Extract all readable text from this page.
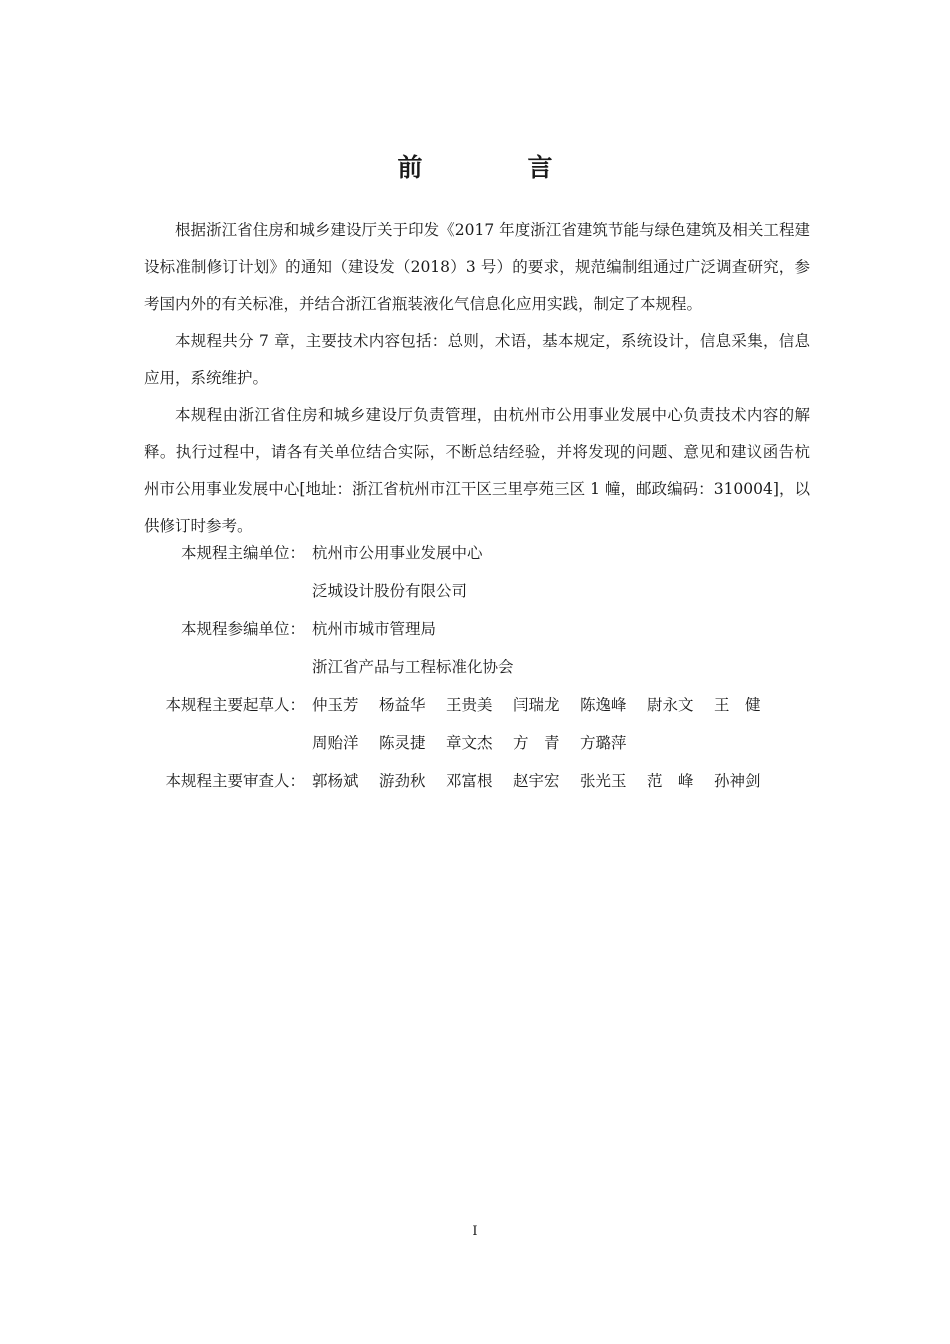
前　言

根据浙江省住房和城乡建设厅关于印发《2017 年度浙江省建筑节能与绿色建筑及相关工程建设标准制修订计划》的通知（建设发（2018）3 号）的要求，规范编制组通过广泛调查研究，参考国内外的有关标准，并结合浙江省瓶装液化气信息化应用实践，制定了本规程。

本规程共分 7 章，主要技术内容包括：总则，术语，基本规定，系统设计，信息采集，信息应用，系统维护。

本规程由浙江省住房和城乡建设厅负责管理，由杭州市公用事业发展中心负责技术内容的解释。执行过程中，请各有关单位结合实际，不断总结经验，并将发现的问题、意见和建议函告杭州市公用事业发展中心[地址：浙江省杭州市江干区三里亭苑三区 1 幢，邮政编码：310004]，以供修订时参考。

本规程主编单位： 杭州市公用事业发展中心
泛城设计股份有限公司
本规程参编单位： 杭州市城市管理局
浙江省产品与工程标准化协会
本规程主要起草人： 仲玉芳 杨益华 王贵美 闫瑞龙 陈逸峰 尉永文 王　健
周贻洋 陈灵捷 章文杰 方　青 方璐萍
本规程主要审查人： 郭杨斌 游劲秋 邓富根 赵宇宏 张光玉 范　峰 孙神剑
I
